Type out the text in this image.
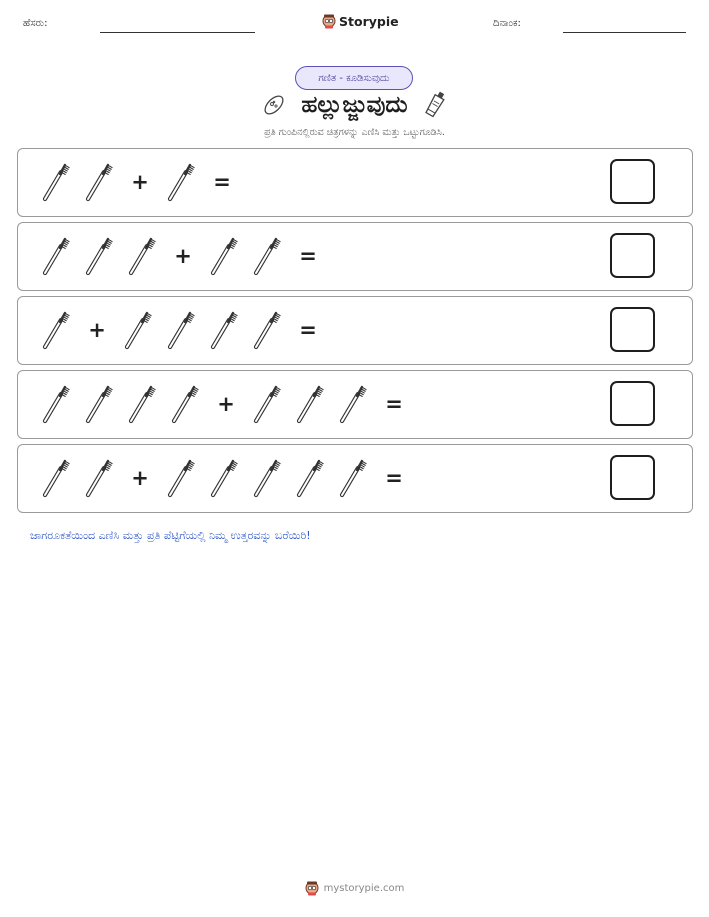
ಹೆಸರು:	Storypie	ದಿನಾಂಕ:
ಗಣಿತ - ಕೂಡಿಸುವುದು
ಹಲ್ಲುಜ್ಜುವುದು
ಪ್ರತಿ ಗುಂಪಿನಲ್ಲಿರುವ ಚಿತ್ರಗಳನ್ನು ಎಣಿಸಿ ಮತ್ತು ಒಟ್ಟುಗೂಡಿಸಿ.
+	=
+	=
+	=
+	=
+	=
ಜಾಗರೂಕತೆಯಿಂದ ಎಣಿಸಿ ಮತ್ತು ಪ್ರತಿ ಪೆಟ್ಟಿಗೆಯಲ್ಲಿ ನಿಮ್ಮ ಉತ್ತರವನ್ನು ಬರೆಯಿರಿ!
mystorypie.com
